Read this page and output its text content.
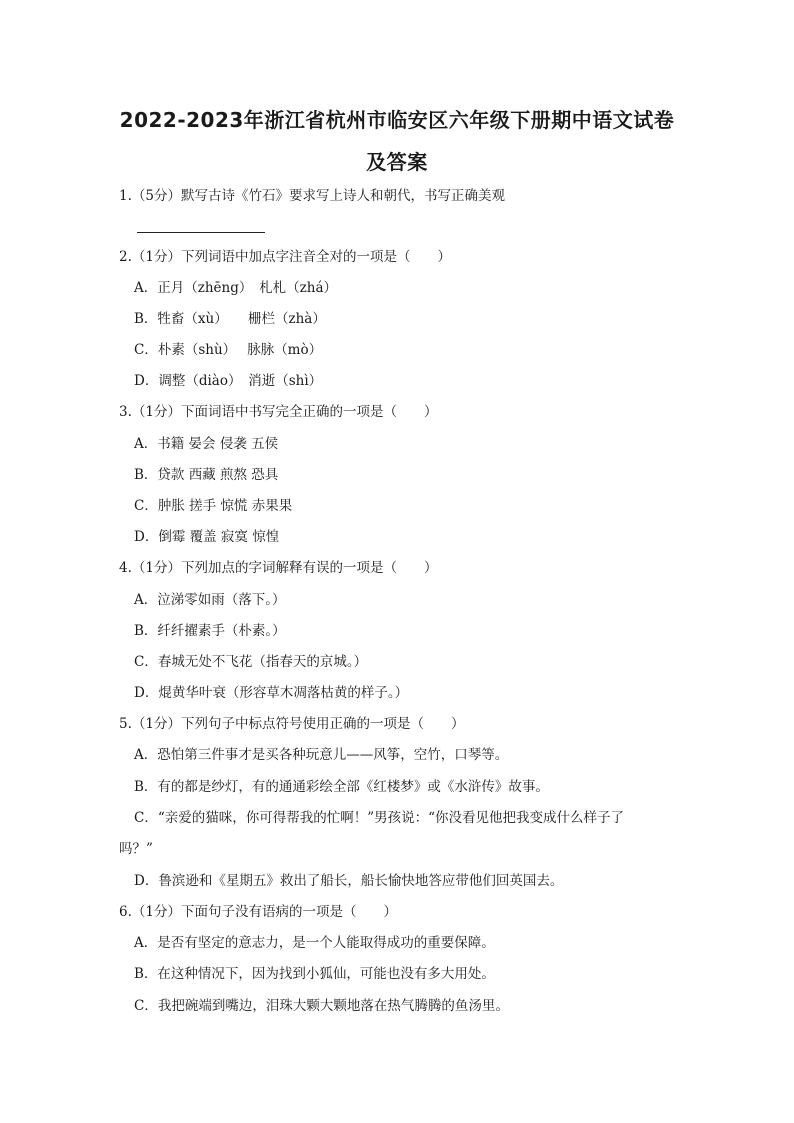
2022-2023年浙江省杭州市临安区六年级下册期中语文试卷
及答案
1.（5分）默写古诗《竹石》要求写上诗人和朝代，书写正确美观
2.（1分）下列词语中加点字注音全对的一项是（　　）
A．正月（zhēng）　札札（zhá）
B．牲畜（xù）　　栅栏（zhà）
C．朴素（shù）　 脉脉（mò）
D．调整（diào）　消逝（shì）
3.（1分）下面词语中书写完全正确的一项是（　　）
A．书籍 晏会 侵袭 五侯
B．贷款 西藏 煎熬 恐具
C．肿胀 搓手 惊慌 赤果果
D．倒霉 覆盖 寂寞 惊惶
4.（1分）下列加点的字词解释有误的一项是（　　）
A．泣涕零如雨（落下。）
B．纤纤擢素手（朴素。）
C．春城无处不飞花（指春天的京城。）
D．焜黄华叶衰（形容草木凋落枯黄的样子。）
5.（1分）下列句子中标点符号使用正确的一项是（　　）
A．恐怕第三件事才是买各种玩意儿——风筝，空竹，口琴等。
B．有的都是纱灯，有的通通彩绘全部《红楼梦》或《水浒传》故事。
C．“亲爱的猫咪，你可得帮我的忙啊！”男孩说：“你没看见他把我变成什么样子了
吗？”
D．鲁滨逊和《星期五》救出了船长，船长愉快地答应带他们回英国去。
6.（1分）下面句子没有语病的一项是（　　）
A．是否有坚定的意志力，是一个人能取得成功的重要保障。
B．在这种情况下，因为找到小狐仙，可能也没有多大用处。
C．我把碗端到嘴边，泪珠大颗大颗地落在热气腾腾的鱼汤里。
